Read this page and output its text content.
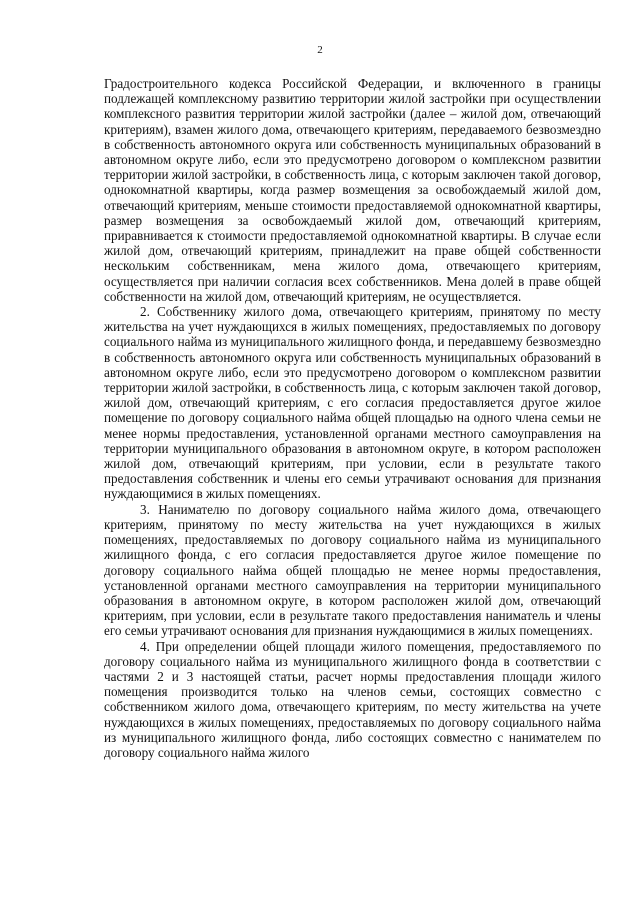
2

Градостроительного кодекса Российской Федерации, и включенного в границы подлежащей комплексному развитию территории жилой застройки при осуществлении комплексного развития территории жилой застройки (далее – жилой дом, отвечающий критериям), взамен жилого дома, отвечающего критериям, передаваемого безвозмездно в собственность автономного округа или собственность муниципальных образований в автономном округе либо, если это предусмотрено договором о комплексном развитии территории жилой застройки, в собственность лица, с которым заключен такой договор, однокомнатной квартиры, когда размер возмещения за освобождаемый жилой дом, отвечающий критериям, меньше стоимости предоставляемой однокомнатной квартиры, размер возмещения за освобождаемый жилой дом, отвечающий критериям, приравнивается к стоимости предоставляемой однокомнатной квартиры. В случае если жилой дом, отвечающий критериям, принадлежит на праве общей собственности нескольким собственникам, мена жилого дома, отвечающего критериям, осуществляется при наличии согласия всех собственников. Мена долей в праве общей собственности на жилой дом, отвечающий критериям, не осуществляется.

2. Собственнику жилого дома, отвечающего критериям, принятому по месту жительства на учет нуждающихся в жилых помещениях, предоставляемых по договору социального найма из муниципального жилищного фонда, и передавшему безвозмездно в собственность автономного округа или собственность муниципальных образований в автономном округе либо, если это предусмотрено договором о комплексном развитии территории жилой застройки, в собственность лица, с которым заключен такой договор, жилой дом, отвечающий критериям, с его согласия предоставляется другое жилое помещение по договору социального найма общей площадью на одного члена семьи не менее нормы предоставления, установленной органами местного самоуправления на территории муниципального образования в автономном округе, в котором расположен жилой дом, отвечающий критериям, при условии, если в результате такого предоставления собственник и члены его семьи утрачивают основания для признания нуждающимися в жилых помещениях.

3. Нанимателю по договору социального найма жилого дома, отвечающего критериям, принятому по месту жительства на учет нуждающихся в жилых помещениях, предоставляемых по договору социального найма из муниципального жилищного фонда, с его согласия предоставляется другое жилое помещение по договору социального найма общей площадью не менее нормы предоставления, установленной органами местного самоуправления на территории муниципального образования в автономном округе, в котором расположен жилой дом, отвечающий критериям, при условии, если в результате такого предоставления наниматель и члены его семьи утрачивают основания для признания нуждающимися в жилых помещениях.

4. При определении общей площади жилого помещения, предоставляемого по договору социального найма из муниципального жилищного фонда в соответствии с частями 2 и 3 настоящей статьи, расчет нормы предоставления площади жилого помещения производится только на членов семьи, состоящих совместно с собственником жилого дома, отвечающего критериям, по месту жительства на учете нуждающихся в жилых помещениях, предоставляемых по договору социального найма из муниципального жилищного фонда, либо состоящих совместно с нанимателем по договору социального найма жилого
